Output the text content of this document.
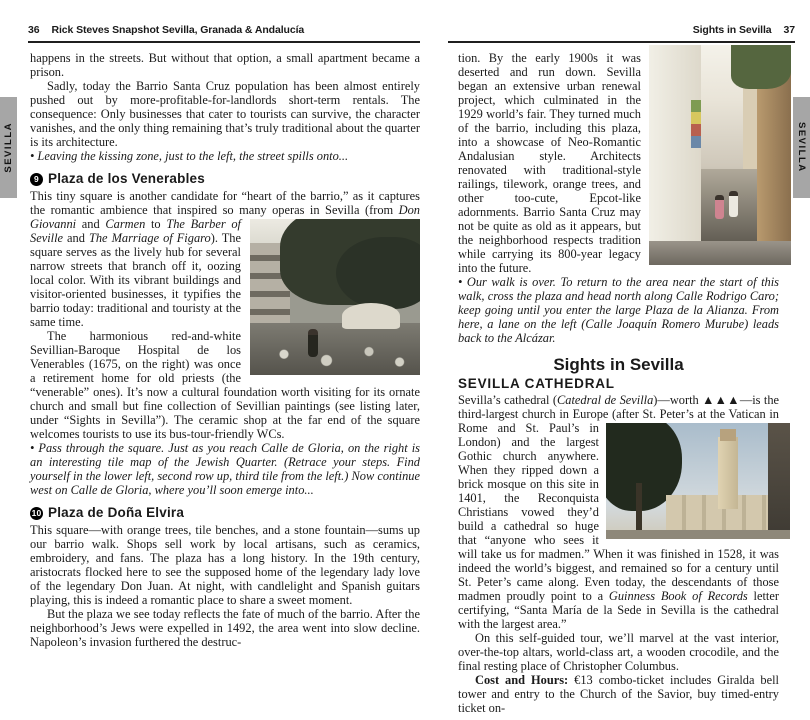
36 Rick Steves Snapshot Sevilla, Granada & Andalucía	Sights in Sevilla 37
SEVILLA	SEVILLA

happens in the streets. But without that option, a small apartment became a prison.

Sadly, today the Barrio Santa Cruz population has been almost entirely pushed out by more-profitable-for-landlords short-term rentals. The consequence: Only businesses that cater to tourists can survive, the character vanishes, and the only thing remaining that’s truly traditional about the quarter is its architecture.

• Leaving the kissing zone, just to the left, the street spills onto...

9 Plaza de los Venerables

This tiny square is another candidate for “heart of the barrio,” as it captures the romantic ambience that inspired so many operas in
Sevilla (from Don Giovanni and Carmen to The Barber of Seville and The Marriage of Figaro). The square serves as the lively hub for several narrow streets that branch off it, oozing local color. With its vibrant buildings and visitor-oriented businesses, it typifies the barrio today: traditional and touristy at the same time.

The harmonious red-and-white Sevillian-Baroque Hospital de los Venerables (1675, on the right) was once a retirement home for old priests (the “venerable” ones). It’s now a cultural foundation worth visiting for its ornate church and small but fine collection of Sevillian paintings (see listing later, under “Sights in Sevilla”). The ceramic shop at the far end of the square welcomes tourists to use its bus-tour-friendly WCs.

• Pass through the square. Just as you reach Calle de Gloria, on the right is an interesting tile map of the Jewish Quarter. (Retrace your steps. Find yourself in the lower left, second row up, third tile from the left.) Now continue west on Calle de Gloria, where you’ll soon emerge into...

10 Plaza de Doña Elvira

This square—with orange trees, tile benches, and a stone fountain—sums up our barrio walk. Shops sell work by local artisans, such as ceramics, embroidery, and fans. The plaza has a long history. In the 19th century, aristocrats flocked here to see the supposed home of the legendary lady love of the legendary Don Juan. At night, with candlelight and Spanish guitars playing, this is indeed a romantic place to share a sweet moment.

But the plaza we see today reflects the fate of much of the barrio. After the neighborhood’s Jews were expelled in 1492, the area went into slow decline. Napoleon’s invasion furthered the destruc-

tion. By the early 1900s it was deserted and run down. Sevilla began an extensive urban renewal project, which culminated in the 1929 world’s fair. They turned much of the barrio, including this plaza, into a showcase of Neo-Romantic Andalusian style. Architects renovated with traditional-style railings, tilework, orange trees, and other too-cute, Epcot-like adornments. Barrio Santa Cruz may not be quite as old as it appears, but the neighborhood respects tradition while carrying its 800-year legacy into the future.

• Our walk is over. To return to the area near the start of this walk, cross the plaza and head north along Calle Rodrigo Caro; keep going until you enter the large Plaza de la Alianza. From here, a lane on the left (Calle Joaquín Romero Murube) leads back to the Alcázar.

Sights in Sevilla
SEVILLA CATHEDRAL

Sevilla’s cathedral (Catedral de Sevilla)—worth ▲▲▲—is the third-largest church in Europe (after St. Peter’s at the Vatican
in Rome and St. Paul’s in London) and the largest Gothic church anywhere. When they ripped down a brick mosque on this site in 1401, the Reconquista Christians vowed they’d build a cathedral so huge that “anyone who sees it will take us for madmen.” When it was finished in 1528, it was indeed the world’s biggest, and remained so for a century until St. Peter’s came along. Even today, the descendants of those madmen proudly point to a Guinness Book of Records letter certifying, “Santa María de la Sede in Sevilla is the cathedral with the largest area.”

On this self-guided tour, we’ll marvel at the vast interior, over-the-top altars, world-class art, a wooden crocodile, and the final resting place of Christopher Columbus.

Cost and Hours: €13 combo-ticket includes Giralda bell tower and entry to the Church of the Savior, buy timed-entry ticket on-
